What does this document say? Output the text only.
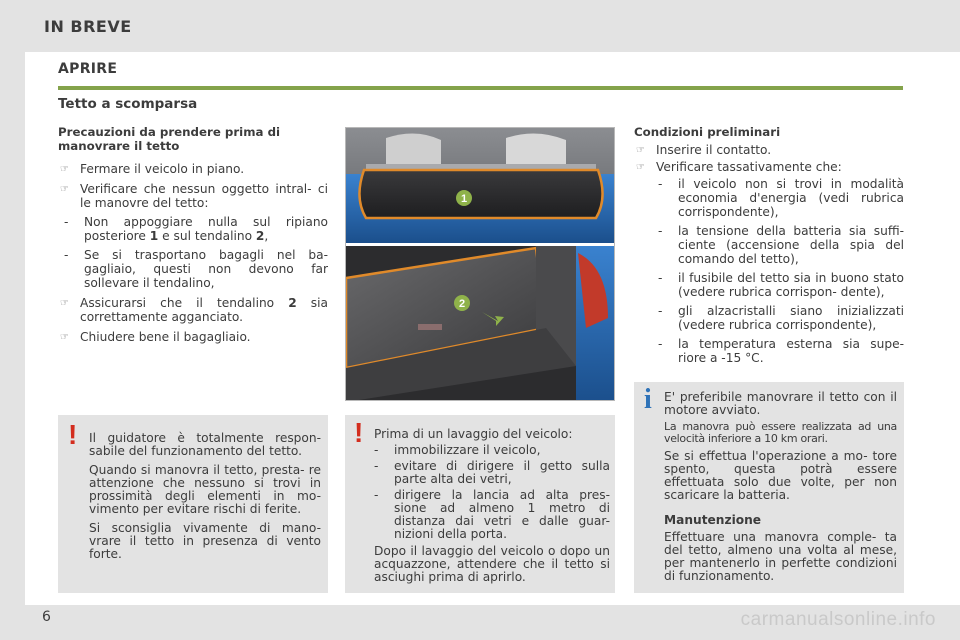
IN BREVE
APRIRE
Tetto a scomparsa
Precauzioni da prendere prima di manovrare il tetto
☞ Fermare il veicolo in piano.
☞ Verificare che nessun oggetto intral- ci le manovre del tetto:
- Non appoggiare nulla sul ripiano posteriore 1 e sul tendalino 2,
- Se si trasportano bagagli nel ba- gagliaio, questi non devono far sollevare il tendalino,
☞ Assicurarsi che il tendalino 2 sia correttamente agganciato.
☞ Chiudere bene il bagagliaio.
1
2
Condizioni preliminari
☞ Inserire il contatto.
☞ Verificare tassativamente che:
- il veicolo non si trovi in modalità economia d'energia (vedi rubrica corrispondente),
- la tensione della batteria sia suffi- ciente (accensione della spia del comando del tetto),
- il fusibile del tetto sia in buono stato (vedere rubrica corrispon- dente),
- gli alzacristalli siano inizializzati (vedere rubrica corrispondente),
- la temperatura esterna sia supe- riore a -15 °C.
! Il guidatore è totalmente respon- sabile del funzionamento del tetto.

Quando si manovra il tetto, presta- re attenzione che nessuno si trovi in prossimità degli elementi in mo- vimento per evitare rischi di ferite.

Si sconsiglia vivamente di mano- vrare il tetto in presenza di vento forte.

! Prima di un lavaggio del veicolo:

- immobilizzare il veicolo,
- evitare di dirigere il getto sulla parte alta dei vetri,
- dirigere la lancia ad alta pres- sione ad almeno 1 metro di distanza dai vetri e dalle guar- nizioni della porta.

Dopo il lavaggio del veicolo o dopo un acquazzone, attendere che il tetto si asciughi prima di aprirlo.

i E' preferibile manovrare il tetto con il motore avviato.

La manovra può essere realizzata ad una velocità inferiore a 10 km orari.

Se si effettua l'operazione a mo- tore spento, questa potrà essere effettuata solo due volte, per non scaricare la batteria.

Manutenzione

Effettuare una manovra comple- ta del tetto, almeno una volta al mese, per mantenerlo in perfette condizioni di funzionamento.

6	carmanualsonline.info
